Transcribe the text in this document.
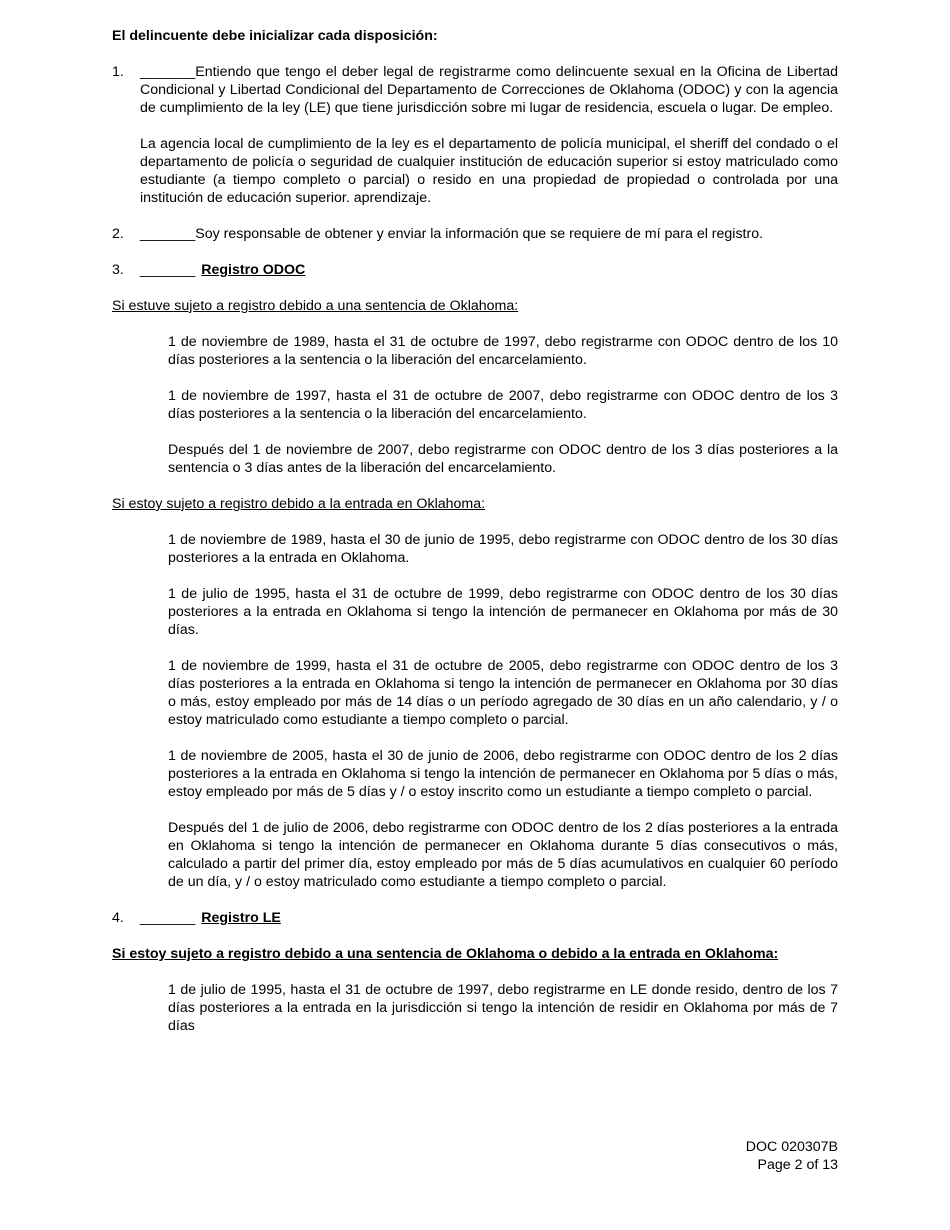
El delincuente debe inicializar cada disposición:

1. _______Entiendo que tengo el deber legal de registrarme como delincuente sexual en la Oficina de Libertad Condicional y Libertad Condicional del Departamento de Correcciones de Oklahoma (ODOC) y con la agencia de cumplimiento de la ley (LE) que tiene jurisdicción sobre mi lugar de residencia, escuela o lugar. De empleo.

La agencia local de cumplimiento de la ley es el departamento de policía municipal, el sheriff del condado o el departamento de policía o seguridad de cualquier institución de educación superior si estoy matriculado como estudiante (a tiempo completo o parcial) o resido en una propiedad de propiedad o controlada por una institución de educación superior. aprendizaje.

2. _______Soy responsable de obtener y enviar la información que se requiere de mí para el registro.

3. _______ Registro ODOC

Si estuve sujeto a registro debido a una sentencia de Oklahoma:

1 de noviembre de 1989, hasta el 31 de octubre de 1997, debo registrarme con ODOC dentro de los 10 días posteriores a la sentencia o la liberación del encarcelamiento.

1 de noviembre de 1997, hasta el 31 de octubre de 2007, debo registrarme con ODOC dentro de los 3 días posteriores a la sentencia o la liberación del encarcelamiento.

Después del 1 de noviembre de 2007, debo registrarme con ODOC dentro de los 3 días posteriores a la sentencia o 3 días antes de la liberación del encarcelamiento.

Si estoy sujeto a registro debido a la entrada en Oklahoma:

1 de noviembre de 1989, hasta el 30 de junio de 1995, debo registrarme con ODOC dentro de los 30 días posteriores a la entrada en Oklahoma.

1 de julio de 1995, hasta el 31 de octubre de 1999, debo registrarme con ODOC dentro de los 30 días posteriores a la entrada en Oklahoma si tengo la intención de permanecer en Oklahoma por más de 30 días.

1 de noviembre de 1999, hasta el 31 de octubre de 2005, debo registrarme con ODOC dentro de los 3 días posteriores a la entrada en Oklahoma si tengo la intención de permanecer en Oklahoma por 30 días o más, estoy empleado por más de 14 días o un período agregado de 30 días en un año calendario, y / o estoy matriculado como estudiante a tiempo completo o parcial.

1 de noviembre de 2005, hasta el 30 de junio de 2006, debo registrarme con ODOC dentro de los 2 días posteriores a la entrada en Oklahoma si tengo la intención de permanecer en Oklahoma por 5 días o más, estoy empleado por más de 5 días y / o estoy inscrito como un estudiante a tiempo completo o parcial.

Después del 1 de julio de 2006, debo registrarme con ODOC dentro de los 2 días posteriores a la entrada en Oklahoma si tengo la intención de permanecer en Oklahoma durante 5 días consecutivos o más, calculado a partir del primer día, estoy empleado por más de 5 días acumulativos en cualquier 60 período de un día, y / o estoy matriculado como estudiante a tiempo completo o parcial.

4. _______ Registro LE

Si estoy sujeto a registro debido a una sentencia de Oklahoma o debido a la entrada en Oklahoma:

1 de julio de 1995, hasta el 31 de octubre de 1997, debo registrarme en LE donde resido, dentro de los 7 días posteriores a la entrada en la jurisdicción si tengo la intención de residir en Oklahoma por más de 7 días

DOC 020307B
Page 2 of 13
